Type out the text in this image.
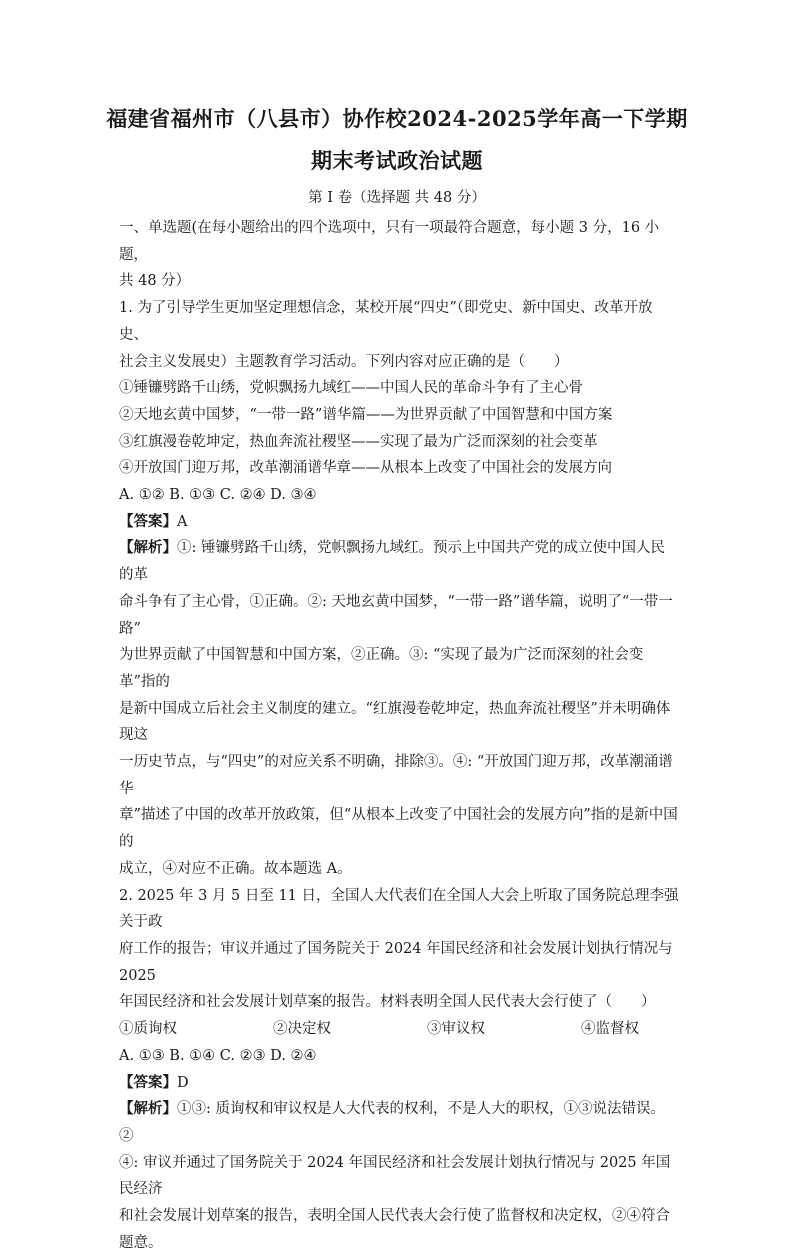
福建省福州市（八县市）协作校2024-2025学年高一下学期
期末考试政治试题

第 I 卷（选择题 共 48 分）

一、单选题(在每小题给出的四个选项中，只有一项最符合题意，每小题 3 分，16 小题，

共 48 分）

1. 为了引导学生更加坚定理想信念，某校开展“四史”（即党史、新中国史、改革开放史、

社会主义发展史）主题教育学习活动。下列内容对应正确的是（　　）

①锤镰劈路千山绣，党帜飘扬九域红——中国人民的革命斗争有了主心骨

②天地玄黄中国梦，“一带一路”谱华篇——为世界贡献了中国智慧和中国方案

③红旗漫卷乾坤定，热血奔流社稷坚——实现了最为广泛而深刻的社会变革

④开放国门迎万邦，改革潮涌谱华章——从根本上改变了中国社会的发展方向

A. ①② B. ①③ C. ②④ D. ③④

【答案】A

【解析】①: 锤镰劈路千山绣，党帜飘扬九域红。预示上中国共产党的成立使中国人民的革

命斗争有了主心骨，①正确。②: 天地玄黄中国梦，“一带一路”谱华篇，说明了“一带一路”

为世界贡献了中国智慧和中国方案，②正确。③: “实现了最为广泛而深刻的社会变革”指的

是新中国成立后社会主义制度的建立。“红旗漫卷乾坤定，热血奔流社稷坚”并未明确体现这

一历史节点，与“四史”的对应关系不明确，排除③。④: “开放国门迎万邦，改革潮涌谱华

章”描述了中国的改革开放政策，但“从根本上改变了中国社会的发展方向”指的是新中国的

成立，④对应不正确。故本题选 A。

2. 2025 年 3 月 5 日至 11 日，全国人大代表们在全国人大会上听取了国务院总理李强关于政

府工作的报告；审议并通过了国务院关于 2024 年国民经济和社会发展计划执行情况与 2025

年国民经济和社会发展计划草案的报告。材料表明全国人民代表大会行使了（　　）

①质询权	②决定权	③审议权	④监督权

A. ①③ B. ①④ C. ②③ D. ②④

【答案】D

【解析】①③: 质询权和审议权是人大代表的权利，不是人大的职权，①③说法错误。②

④: 审议并通过了国务院关于 2024 年国民经济和社会发展计划执行情况与 2025 年国民经济

和社会发展计划草案的报告，表明全国人民代表大会行使了监督权和决定权，②④符合题意。
